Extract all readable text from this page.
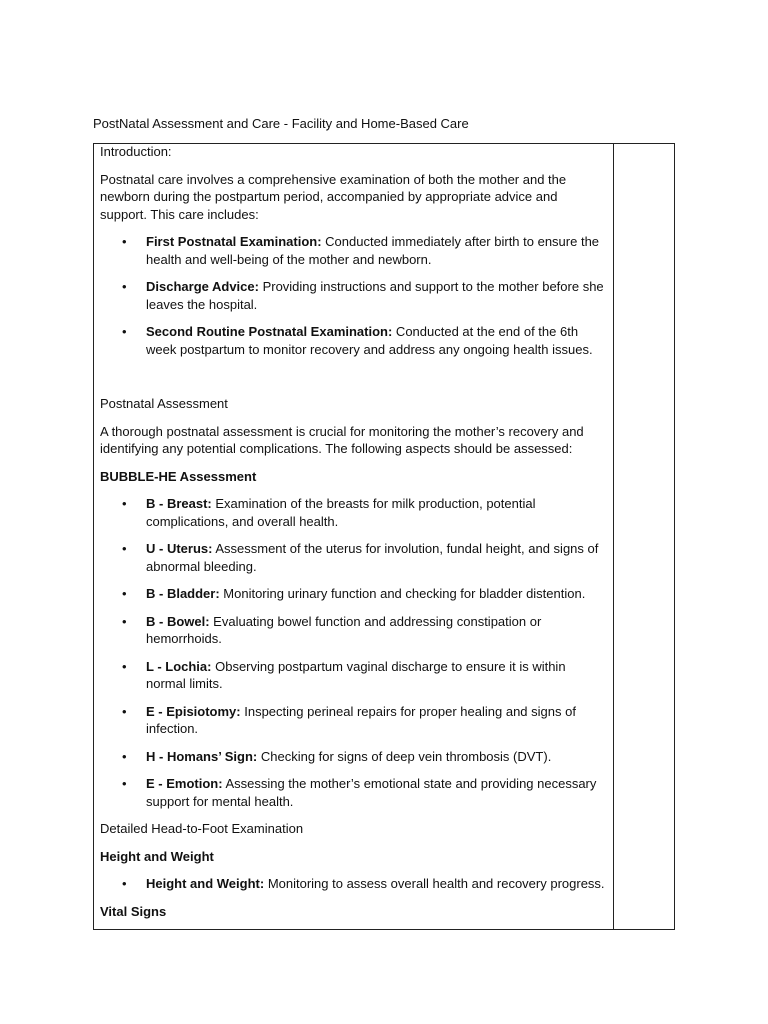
PostNatal Assessment and Care - Facility and Home-Based Care

Introduction:

Postnatal care involves a comprehensive examination of both the mother and the newborn during the postpartum period, accompanied by appropriate advice and support. This care includes:

• First Postnatal Examination: Conducted immediately after birth to ensure the health and well-being of the mother and newborn.
• Discharge Advice: Providing instructions and support to the mother before she leaves the hospital.
• Second Routine Postnatal Examination: Conducted at the end of the 6th week postpartum to monitor recovery and address any ongoing health issues.

Postnatal Assessment

A thorough postnatal assessment is crucial for monitoring the mother’s recovery and identifying any potential complications. The following aspects should be assessed:

BUBBLE-HE Assessment

• B - Breast: Examination of the breasts for milk production, potential complications, and overall health.
• U - Uterus: Assessment of the uterus for involution, fundal height, and signs of abnormal bleeding.
• B - Bladder: Monitoring urinary function and checking for bladder distention.
• B - Bowel: Evaluating bowel function and addressing constipation or hemorrhoids.
• L - Lochia: Observing postpartum vaginal discharge to ensure it is within normal limits.
• E - Episiotomy: Inspecting perineal repairs for proper healing and signs of infection.
• H - Homans’ Sign: Checking for signs of deep vein thrombosis (DVT).
• E - Emotion: Assessing the mother’s emotional state and providing necessary support for mental health.

Detailed Head-to-Foot Examination

Height and Weight

• Height and Weight: Monitoring to assess overall health and recovery progress.

Vital Signs
